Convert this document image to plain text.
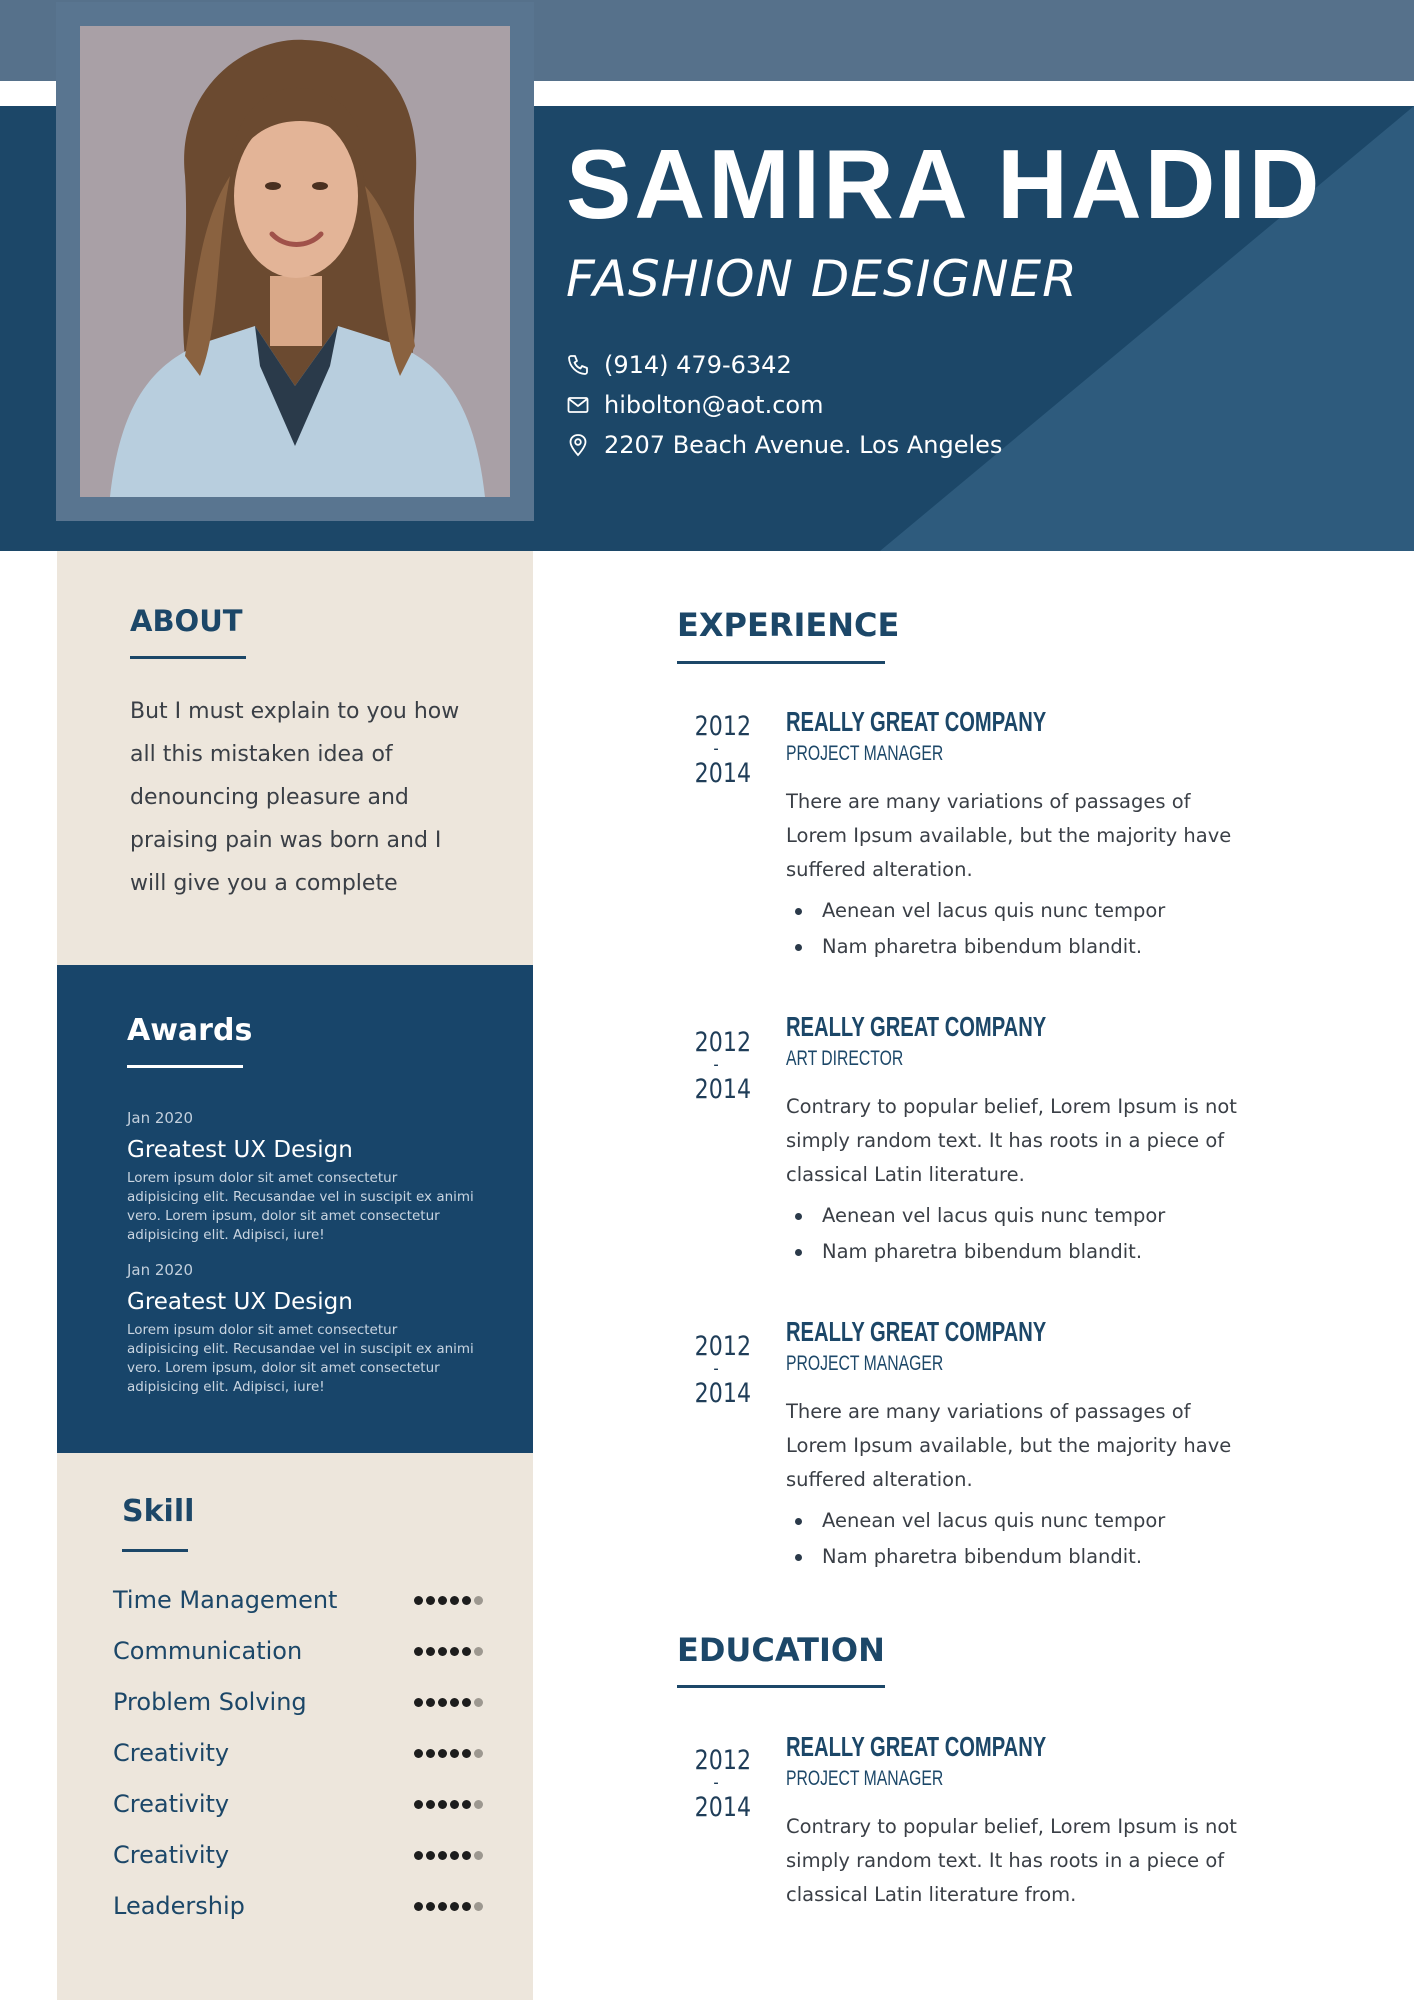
SAMIRA HADID
FASHION DESIGNER
(914) 479-6342
hibolton@aot.com
2207 Beach Avenue. Los Angeles
ABOUT
But I must explain to you how
all this mistaken idea of
denouncing pleasure and
praising pain was born and I
will give you a complete
Awards
Jan 2020
Greatest UX Design
Lorem ipsum dolor sit amet consectetur
adipisicing elit. Recusandae vel in suscipit ex animi
vero. Lorem ipsum, dolor sit amet consectetur
adipisicing elit. Adipisci, iure!
Jan 2020
Greatest UX Design
Lorem ipsum dolor sit amet consectetur
adipisicing elit. Recusandae vel in suscipit ex animi
vero. Lorem ipsum, dolor sit amet consectetur
adipisicing elit. Adipisci, iure!
Skill
Time Management
Communication
Problem Solving
Creativity
Creativity
Creativity
Leadership
EXPERIENCE
2012
-
2014
REALLY GREAT COMPANY
PROJECT MANAGER
There are many variations of passages of
Lorem Ipsum available, but the majority have
suffered alteration.
Aenean vel lacus quis nunc tempor
Nam pharetra bibendum blandit.
2012
-
2014
REALLY GREAT COMPANY
ART DIRECTOR
Contrary to popular belief, Lorem Ipsum is not
simply random text. It has roots in a piece of
classical Latin literature.
Aenean vel lacus quis nunc tempor
Nam pharetra bibendum blandit.
2012
-
2014
REALLY GREAT COMPANY
PROJECT MANAGER
There are many variations of passages of
Lorem Ipsum available, but the majority have
suffered alteration.
Aenean vel lacus quis nunc tempor
Nam pharetra bibendum blandit.
EDUCATION
2012
-
2014
REALLY GREAT COMPANY
PROJECT MANAGER
Contrary to popular belief, Lorem Ipsum is not
simply random text. It has roots in a piece of
classical Latin literature from.
